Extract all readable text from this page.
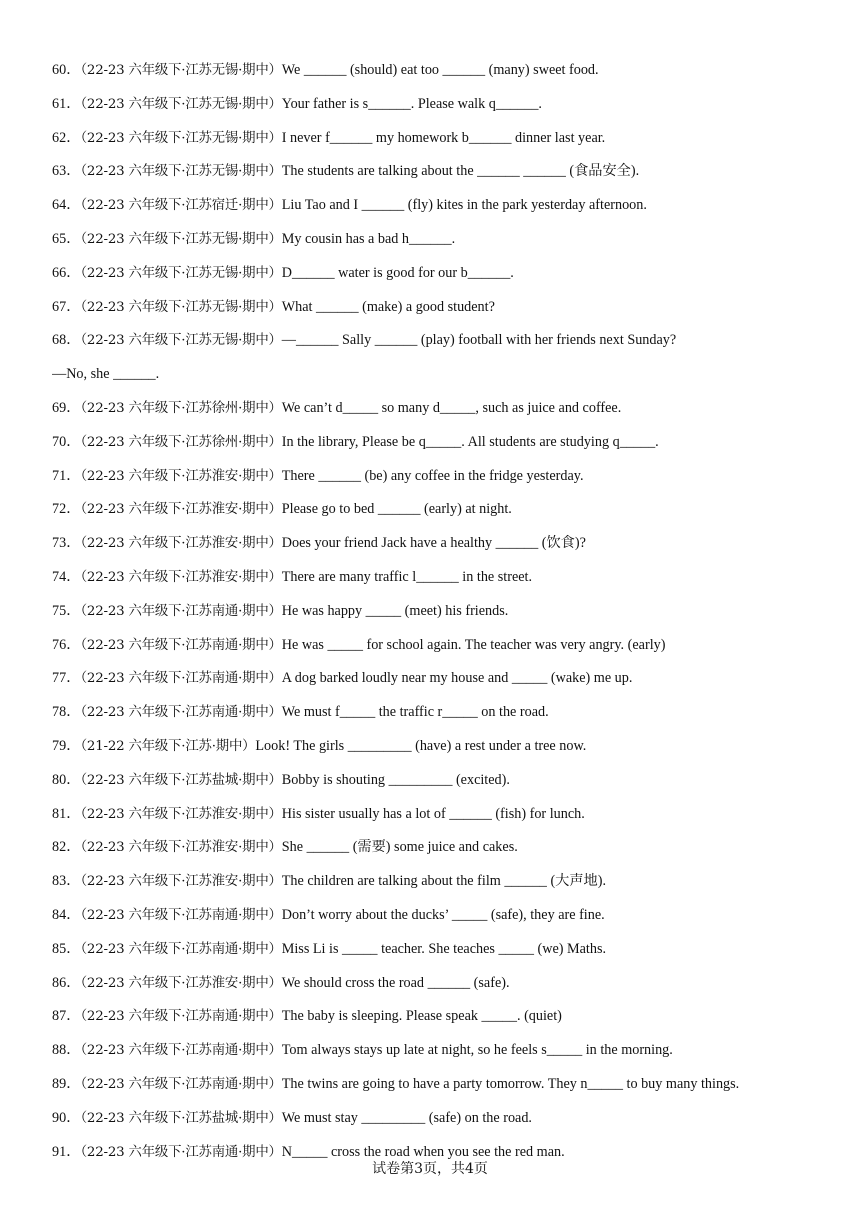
60．（22-23 六年级下·江苏无锡·期中）We ______ (should) eat too ______ (many) sweet food.
61．（22-23 六年级下·江苏无锡·期中）Your father is s______. Please walk q______.
62．（22-23 六年级下·江苏无锡·期中）I never f______ my homework b______ dinner last year.
63．（22-23 六年级下·江苏无锡·期中）The students are talking about the ______ ______ (食品安全).
64．（22-23 六年级下·江苏宿迁·期中）Liu Tao and I ______ (fly) kites in the park yesterday afternoon.
65．（22-23 六年级下·江苏无锡·期中）My cousin has a bad h______.
66．（22-23 六年级下·江苏无锡·期中）D______ water is good for our b______.
67．（22-23 六年级下·江苏无锡·期中）What ______ (make) a good student?
68．（22-23 六年级下·江苏无锡·期中）—______ Sally ______ (play) football with her friends next Sunday?
—No, she ______.
69．（22-23 六年级下·江苏徐州·期中）We can’t d_____ so many d_____, such as juice and coffee.
70．（22-23 六年级下·江苏徐州·期中）In the library, Please be q_____. All students are studying q_____.
71．（22-23 六年级下·江苏淮安·期中）There ______ (be) any coffee in the fridge yesterday.
72．（22-23 六年级下·江苏淮安·期中）Please go to bed ______ (early) at night.
73．（22-23 六年级下·江苏淮安·期中）Does your friend Jack have a healthy ______ (饮食)?
74．（22-23 六年级下·江苏淮安·期中）There are many traffic l______ in the street.
75．（22-23 六年级下·江苏南通·期中）He was happy _____ (meet) his friends.
76．（22-23 六年级下·江苏南通·期中）He was _____ for school again. The teacher was very angry. (early)
77．（22-23 六年级下·江苏南通·期中）A dog barked loudly near my house and _____ (wake) me up.
78．（22-23 六年级下·江苏南通·期中）We must f_____ the traffic r_____ on the road.
79．（21-22 六年级下·江苏·期中）Look! The girls _________ (have) a rest under a tree now.
80．（22-23 六年级下·江苏盐城·期中）Bobby is shouting _________ (excited).
81．（22-23 六年级下·江苏淮安·期中）His sister usually has a lot of ______ (fish) for lunch.
82．（22-23 六年级下·江苏淮安·期中）She ______ (需要) some juice and cakes.
83．（22-23 六年级下·江苏淮安·期中）The children are talking about the film ______ (大声地).
84．（22-23 六年级下·江苏南通·期中）Don’t worry about the ducks’ _____ (safe), they are fine.
85．（22-23 六年级下·江苏南通·期中）Miss Li is _____ teacher. She teaches _____ (we) Maths.
86．（22-23 六年级下·江苏淮安·期中）We should cross the road ______ (safe).
87．（22-23 六年级下·江苏南通·期中）The baby is sleeping. Please speak _____. (quiet)
88．（22-23 六年级下·江苏南通·期中）Tom always stays up late at night, so he feels s_____ in the morning.
89．（22-23 六年级下·江苏南通·期中）The twins are going to have a party tomorrow. They n_____ to buy many things.
90．（22-23 六年级下·江苏盐城·期中）We must stay _________ (safe) on the road.
91．（22-23 六年级下·江苏南通·期中）N_____ cross the road when you see the red man.
试卷第3页，共4页
